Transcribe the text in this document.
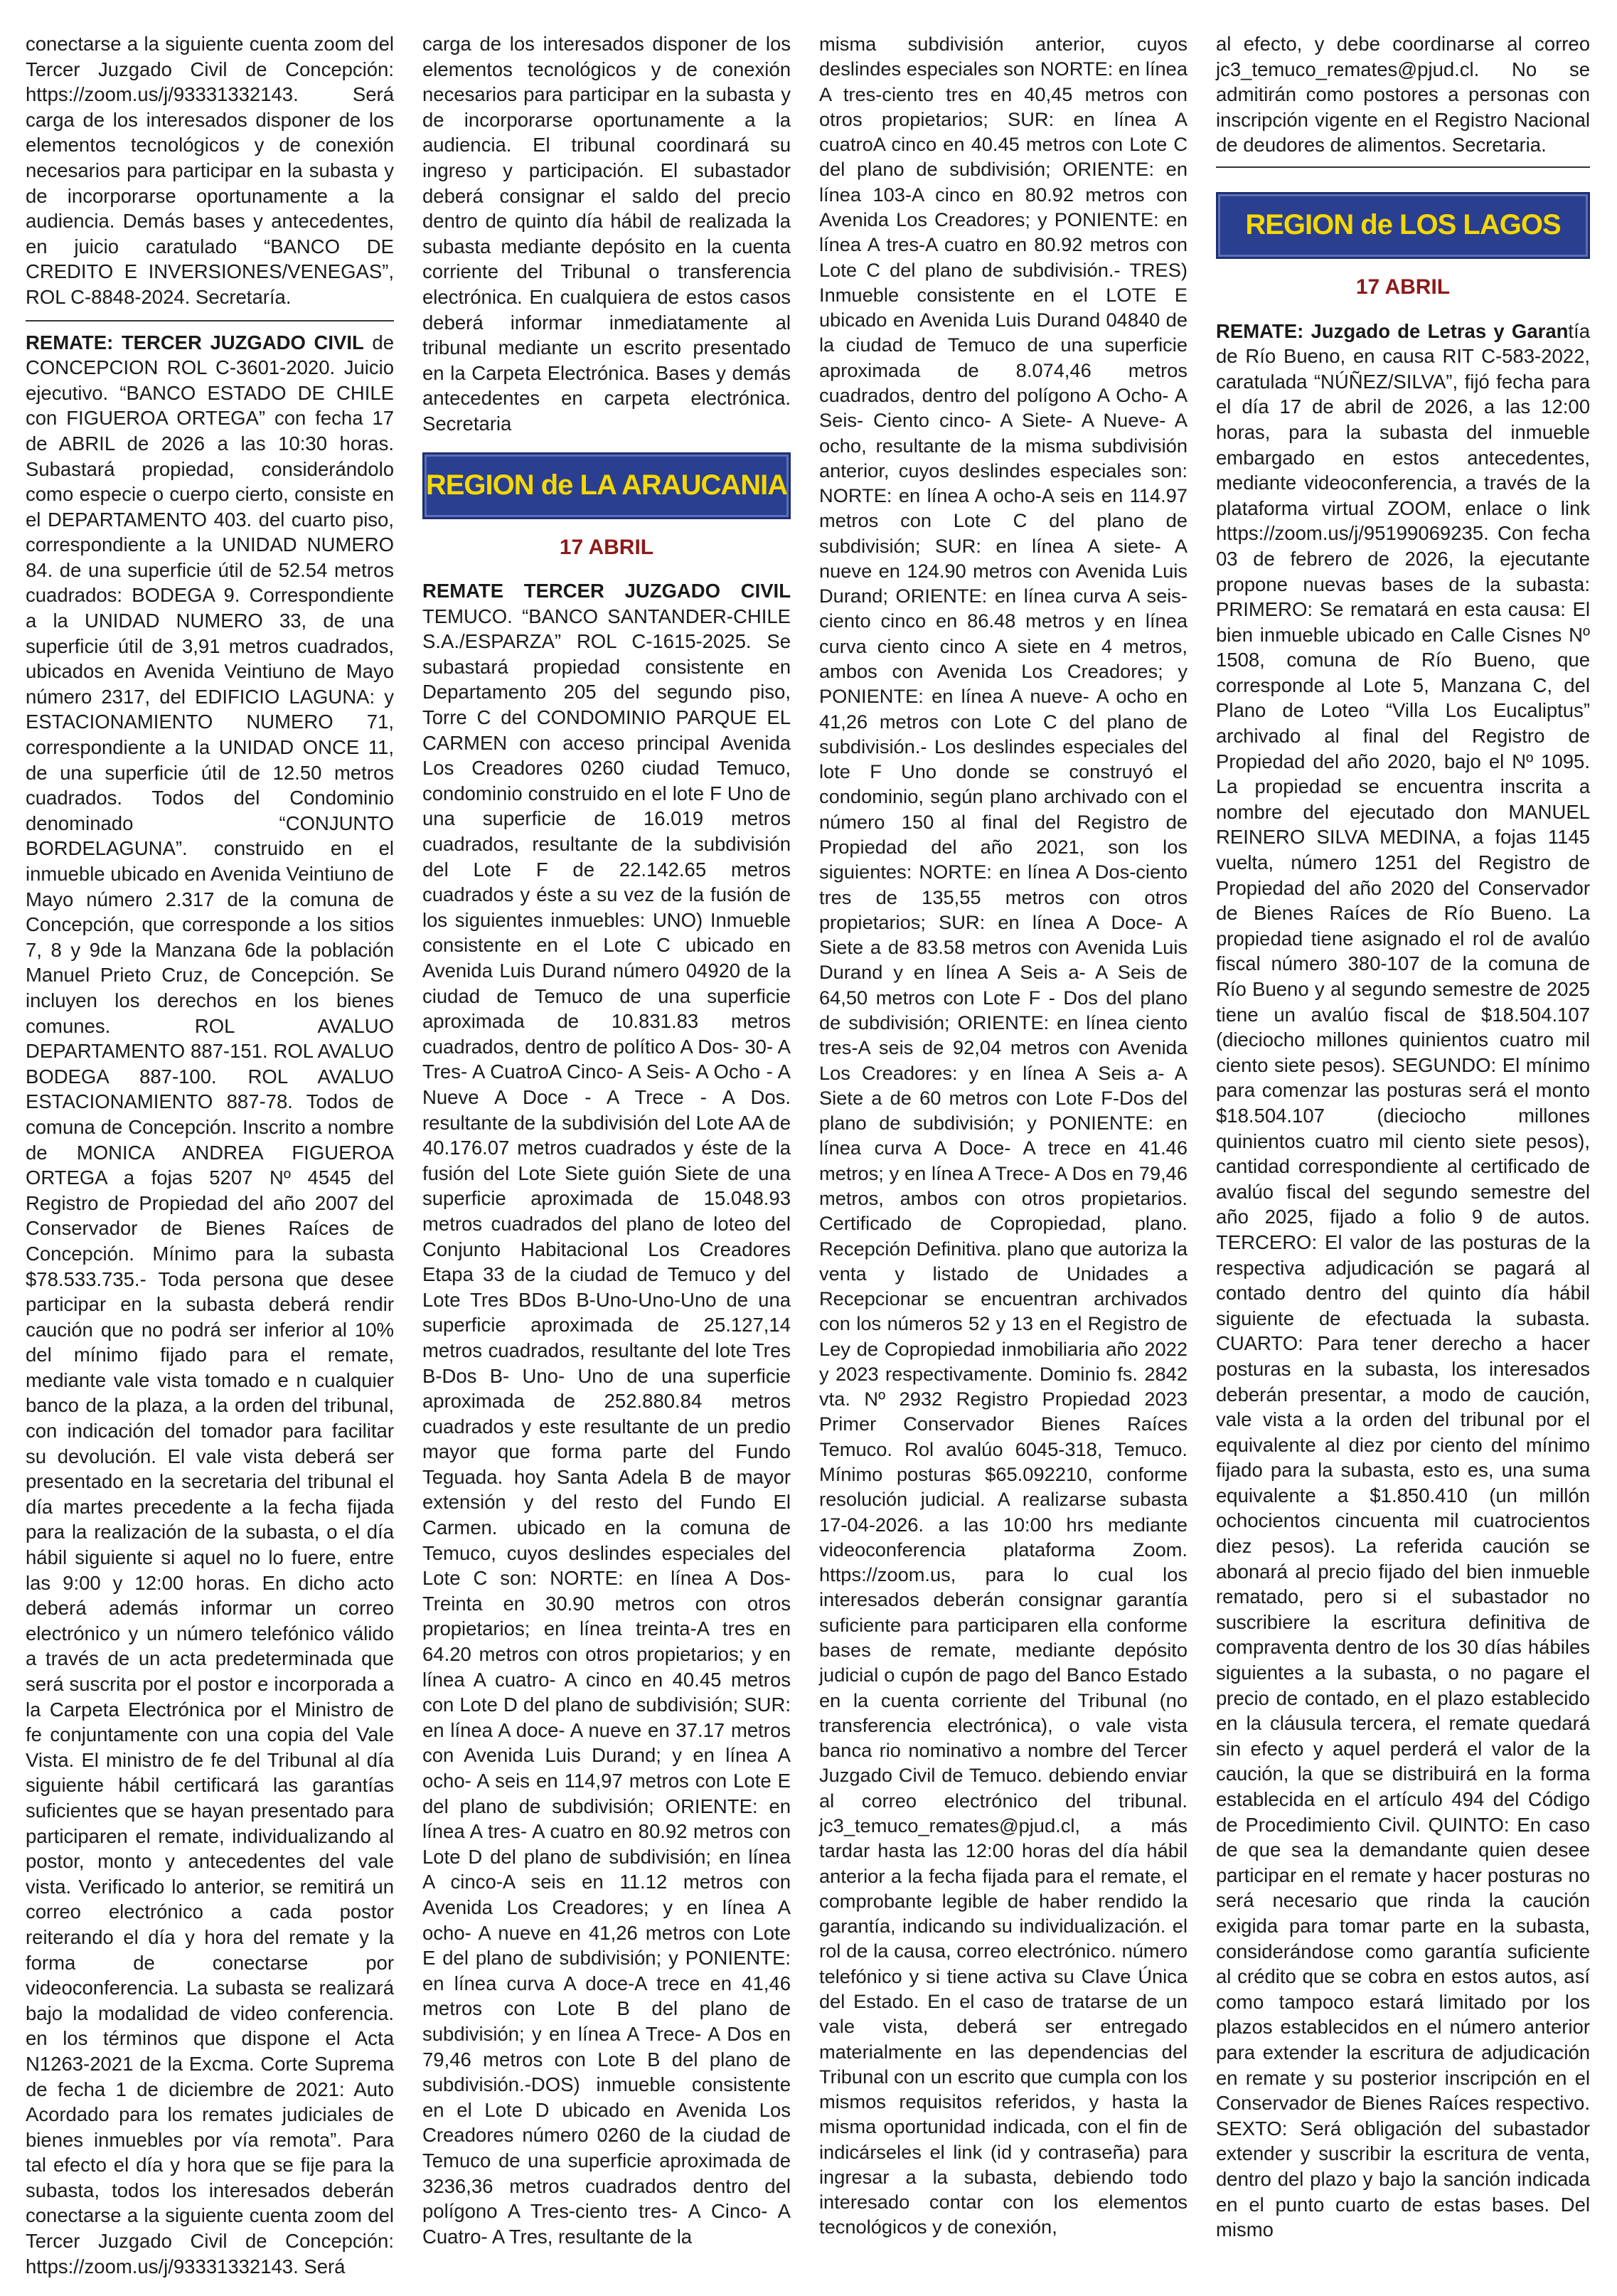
conectarse a la siguiente cuenta zoom del Tercer Juzgado Civil de Concepción: https://zoom.us/j/93331332143. Será carga de los interesados disponer de los elementos tecnológicos y de conexión necesarios para participar en la subasta y de incorporarse oportunamente a la audiencia. Demás bases y antecedentes, en juicio caratulado “BANCO DE CREDITO E INVERSIONES/VENEGAS”, ROL C-8848-2024. Secretaría.

REMATE: TERCER JUZGADO CIVIL de CONCEPCION ROL C-3601-2020. Juicio ejecutivo. “BANCO ESTADO DE CHILE con FIGUEROA ORTEGA” con fecha 17 de ABRIL de 2026 a las 10:30 horas. Subastará propiedad, considerándolo como especie o cuerpo cierto, consiste en el DEPARTAMENTO 403. del cuarto piso, correspondiente a la UNIDAD NUMERO 84. de una superficie útil de 52.54 metros cuadrados: BODEGA 9. Correspondiente a la UNIDAD NUMERO 33, de una superficie útil de 3,91 metros cuadrados, ubicados en Avenida Veintiuno de Mayo número 2317, del EDIFICIO LAGUNA: y ESTACIONAMIENTO NUMERO 71, correspondiente a la UNIDAD ONCE 11, de una superficie útil de 12.50 metros cuadrados. Todos del Condominio denominado “CONJUNTO BORDELAGUNA”. construido en el inmueble ubicado en Avenida Veintiuno de Mayo número 2.317 de la comuna de Concepción, que corresponde a los sitios 7, 8 y 9de la Manzana 6de la población Manuel Prieto Cruz, de Concepción. Se incluyen los derechos en los bienes comunes. ROL AVALUO DEPARTAMENTO 887-151. ROL AVALUO BODEGA 887-100. ROL AVALUO ESTACIONAMIENTO 887-78. Todos de comuna de Concepción. Inscrito a nombre de MONICA ANDREA FIGUEROA ORTEGA a fojas 5207 Nº 4545 del Registro de Propiedad del año 2007 del Conservador de Bienes Raíces de Concepción. Mínimo para la subasta $78.533.735.- Toda persona que desee participar en la subasta deberá rendir caución que no podrá ser inferior al 10% del mínimo fijado para el remate, mediante vale vista tomado e n cualquier banco de la plaza, a la orden del tribunal, con indicación del tomador para facilitar su devolución. El vale vista deberá ser presentado en la secretaria del tribunal el día martes precedente a la fecha fijada para la realización de la subasta, o el día hábil siguiente si aquel no lo fuere, entre las 9:00 y 12:00 horas. En dicho acto deberá además informar un correo electrónico y un número telefónico válido a través de un acta predeterminada que será suscrita por el postor e incorporada a la Carpeta Electrónica por el Ministro de fe conjuntamente con una copia del Vale Vista. El ministro de fe del Tribunal al día siguiente hábil certificará las garantías suficientes que se hayan presentado para participaren el remate, individualizando al postor, monto y antecedentes del vale vista. Verificado lo anterior, se remitirá un correo electrónico a cada postor reiterando el día y hora del remate y la forma de conectarse por videoconferencia. La subasta se realizará bajo la modalidad de video conferencia. en los términos que dispone el Acta N1263-2021 de la Excma. Corte Suprema de fecha 1 de diciembre de 2021: Auto Acordado para los remates judiciales de bienes inmuebles por vía remota”. Para tal efecto el día y hora que se fije para la subasta, todos los interesados deberán conectarse a la siguiente cuenta zoom del Tercer Juzgado Civil de Concepción: https://zoom.us/j/93331332143. Será

carga de los interesados disponer de los elementos tecnológicos y de conexión necesarios para participar en la subasta y de incorporarse oportunamente a la audiencia. El tribunal coordinará su ingreso y participación. El subastador deberá consignar el saldo del precio dentro de quinto día hábil de realizada la subasta mediante depósito en la cuenta corriente del Tribunal o transferencia electrónica. En cualquiera de estos casos deberá informar inmediatamente al tribunal mediante un escrito presentado en la Carpeta Electrónica. Bases y demás antecedentes en carpeta electrónica. Secretaria

REGION de LA ARAUCANIA
17 ABRIL

REMATE TERCER JUZGADO CIVIL TEMUCO. “BANCO SANTANDER-CHILE S.A./ESPARZA” ROL C-1615-2025. Se subastará propiedad consistente en Departamento 205 del segundo piso, Torre C del CONDOMINIO PARQUE EL CARMEN con acceso principal Avenida Los Creadores 0260 ciudad Temuco, condominio construido en el lote F Uno de una superficie de 16.019 metros cuadrados, resultante de la subdivisión del Lote F de 22.142.65 metros cuadrados y éste a su vez de la fusión de los siguientes inmuebles: UNO) Inmueble consistente en el Lote C ubicado en Avenida Luis Durand número 04920 de la ciudad de Temuco de una superficie aproximada de 10.831.83 metros cuadrados, dentro de político A Dos- 30- A Tres- A CuatroA Cinco- A Seis- A Ocho - A Nueve A Doce - A Trece - A Dos. resultante de la subdivisión del Lote AA de 40.176.07 metros cuadrados y éste de la fusión del Lote Siete guión Siete de una superficie aproximada de 15.048.93 metros cuadrados del plano de loteo del Conjunto Habitacional Los Creadores Etapa 33 de la ciudad de Temuco y del Lote Tres BDos B-Uno-Uno-Uno de una superficie aproximada de 25.127,14 metros cuadrados, resultante del lote Tres B-Dos B- Uno- Uno de una superficie aproximada de 252.880.84 metros cuadrados y este resultante de un predio mayor que forma parte del Fundo Teguada. hoy Santa Adela B de mayor extensión y del resto del Fundo El Carmen. ubicado en la comuna de Temuco, cuyos deslindes especiales del Lote C son: NORTE: en línea A Dos-Treinta en 30.90 metros con otros propietarios; en línea treinta-A tres en 64.20 metros con otros propietarios; y en línea A cuatro- A cinco en 40.45 metros con Lote D del plano de subdivisión; SUR: en línea A doce- A nueve en 37.17 metros con Avenida Luis Durand; y en línea A ocho- A seis en 114,97 metros con Lote E del plano de subdivisión; ORIENTE: en línea A tres- A cuatro en 80.92 metros con Lote D del plano de subdivisión; en línea A cinco-A seis en 11.12 metros con Avenida Los Creadores; y en línea A ocho- A nueve en 41,26 metros con Lote E del plano de subdivisión; y PONIENTE: en línea curva A doce-A trece en 41,46 metros con Lote B del plano de subdivisión; y en línea A Trece- A Dos en 79,46 metros con Lote B del plano de subdivisión.-DOS) inmueble consistente en el Lote D ubicado en Avenida Los Creadores número 0260 de la ciudad de Temuco de una superficie aproximada de 3236,36 metros cuadrados dentro del polígono A Tres-ciento tres- A Cinco- A Cuatro- A Tres, resultante de la

misma subdivisión anterior, cuyos deslindes especiales son NORTE: en línea A tres-ciento tres en 40,45 metros con otros propietarios; SUR: en línea A cuatroA cinco en 40.45 metros con Lote C del plano de subdivisión; ORIENTE: en línea 103-A cinco en 80.92 metros con Avenida Los Creadores; y PONIENTE: en línea A tres-A cuatro en 80.92 metros con Lote C del plano de subdivisión.- TRES) Inmueble consistente en el LOTE E ubicado en Avenida Luis Durand 04840 de la ciudad de Temuco de una superficie aproximada de 8.074,46 metros cuadrados, dentro del polígono A Ocho- A Seis- Ciento cinco- A Siete- A Nueve- A ocho, resultante de la misma subdivisión anterior, cuyos deslindes especiales son: NORTE: en línea A ocho-A seis en 114.97 metros con Lote C del plano de subdivisión; SUR: en línea A siete- A nueve en 124.90 metros con Avenida Luis Durand; ORIENTE: en línea curva A seis-ciento cinco en 86.48 metros y en línea curva ciento cinco A siete en 4 metros, ambos con Avenida Los Creadores; y PONIENTE: en línea A nueve- A ocho en 41,26 metros con Lote C del plano de subdivisión.- Los deslindes especiales del lote F Uno donde se construyó el condominio, según plano archivado con el número 150 al final del Registro de Propiedad del año 2021, son los siguientes: NORTE: en línea A Dos-ciento tres de 135,55 metros con otros propietarios; SUR: en línea A Doce- A Siete a de 83.58 metros con Avenida Luis Durand y en línea A Seis a- A Seis de 64,50 metros con Lote F - Dos del plano de subdivisión; ORIENTE: en línea ciento tres-A seis de 92,04 metros con Avenida Los Creadores: y en línea A Seis a- A Siete a de 60 metros con Lote F-Dos del plano de subdivisión; y PONIENTE: en línea curva A Doce- A trece en 41.46 metros; y en línea A Trece- A Dos en 79,46 metros, ambos con otros propietarios. Certificado de Copropiedad, plano. Recepción Definitiva. plano que autoriza la venta y listado de Unidades a Recepcionar se encuentran archivados con los números 52 y 13 en el Registro de Ley de Copropiedad inmobiliaria año 2022 y 2023 respectivamente. Dominio fs. 2842 vta. Nº 2932 Registro Propiedad 2023 Primer Conservador Bienes Raíces Temuco. Rol avalúo 6045-318, Temuco. Mínimo posturas $65.092210, conforme resolución judicial. A realizarse subasta 17-04-2026. a las 10:00 hrs mediante videoconferencia plataforma Zoom. https://zoom.us, para lo cual los interesados deberán consignar garantía suficiente para participaren ella conforme bases de remate, mediante depósito judicial o cupón de pago del Banco Estado en la cuenta corriente del Tribunal (no transferencia electrónica), o vale vista banca rio nominativo a nombre del Tercer Juzgado Civil de Temuco. debiendo enviar al correo electrónico del tribunal. jc3_temuco_remates@pjud.cl, a más tardar hasta las 12:00 horas del día hábil anterior a la fecha fijada para el remate, el comprobante legible de haber rendido la garantía, indicando su individualización. el rol de la causa, correo electrónico. número telefónico y si tiene activa su Clave Única del Estado. En el caso de tratarse de un vale vista, deberá ser entregado materialmente en las dependencias del Tribunal con un escrito que cumpla con los mismos requisitos referidos, y hasta la misma oportunidad indicada, con el fin de indicárseles el link (id y contraseña) para ingresar a la subasta, debiendo todo interesado contar con los elementos tecnológicos y de conexión,

al efecto, y debe coordinarse al correo jc3_temuco_remates@pjud.cl. No se admitirán como postores a personas con inscripción vigente en el Registro Nacional de deudores de alimentos. Secretaria.

REGION de LOS LAGOS
17 ABRIL

REMATE: Juzgado de Letras y Garantía de Río Bueno, en causa RIT C-583-2022, caratulada “NÚÑEZ/SILVA”, fijó fecha para el día 17 de abril de 2026, a las 12:00 horas, para la subasta del inmueble embargado en estos antecedentes, mediante videoconferencia, a través de la plataforma virtual ZOOM, enlace o link https://zoom.us/j/95199069235. Con fecha 03 de febrero de 2026, la ejecutante propone nuevas bases de la subasta: PRIMERO: Se rematará en esta causa: El bien inmueble ubicado en Calle Cisnes Nº 1508, comuna de Río Bueno, que corresponde al Lote 5, Manzana C, del Plano de Loteo “Villa Los Eucaliptus” archivado al final del Registro de Propiedad del año 2020, bajo el Nº 1095. La propiedad se encuentra inscrita a nombre del ejecutado don MANUEL REINERO SILVA MEDINA, a fojas 1145 vuelta, número 1251 del Registro de Propiedad del año 2020 del Conservador de Bienes Raíces de Río Bueno. La propiedad tiene asignado el rol de avalúo fiscal número 380-107 de la comuna de Río Bueno y al segundo semestre de 2025 tiene un avalúo fiscal de $18.504.107 (dieciocho millones quinientos cuatro mil ciento siete pesos). SEGUNDO: El mínimo para comenzar las posturas será el monto $18.504.107 (dieciocho millones quinientos cuatro mil ciento siete pesos), cantidad correspondiente al certificado de avalúo fiscal del segundo semestre del año 2025, fijado a folio 9 de autos. TERCERO: El valor de las posturas de la respectiva adjudicación se pagará al contado dentro del quinto día hábil siguiente de efectuada la subasta. CUARTO: Para tener derecho a hacer posturas en la subasta, los interesados deberán presentar, a modo de caución, vale vista a la orden del tribunal por el equivalente al diez por ciento del mínimo fijado para la subasta, esto es, una suma equivalente a $1.850.410 (un millón ochocientos cincuenta mil cuatrocientos diez pesos). La referida caución se abonará al precio fijado del bien inmueble rematado, pero si el subastador no suscribiere la escritura definitiva de compraventa dentro de los 30 días hábiles siguientes a la subasta, o no pagare el precio de contado, en el plazo establecido en la cláusula tercera, el remate quedará sin efecto y aquel perderá el valor de la caución, la que se distribuirá en la forma establecida en el artículo 494 del Código de Procedimiento Civil. QUINTO: En caso de que sea la demandante quien desee participar en el remate y hacer posturas no será necesario que rinda la caución exigida para tomar parte en la subasta, considerándose como garantía suficiente al crédito que se cobra en estos autos, así como tampoco estará limitado por los plazos establecidos en el número anterior para extender la escritura de adjudicación en remate y su posterior inscripción en el Conservador de Bienes Raíces respectivo. SEXTO: Será obligación del subastador extender y suscribir la escritura de venta, dentro del plazo y bajo la sanción indicada en el punto cuarto de estas bases. Del mismo
